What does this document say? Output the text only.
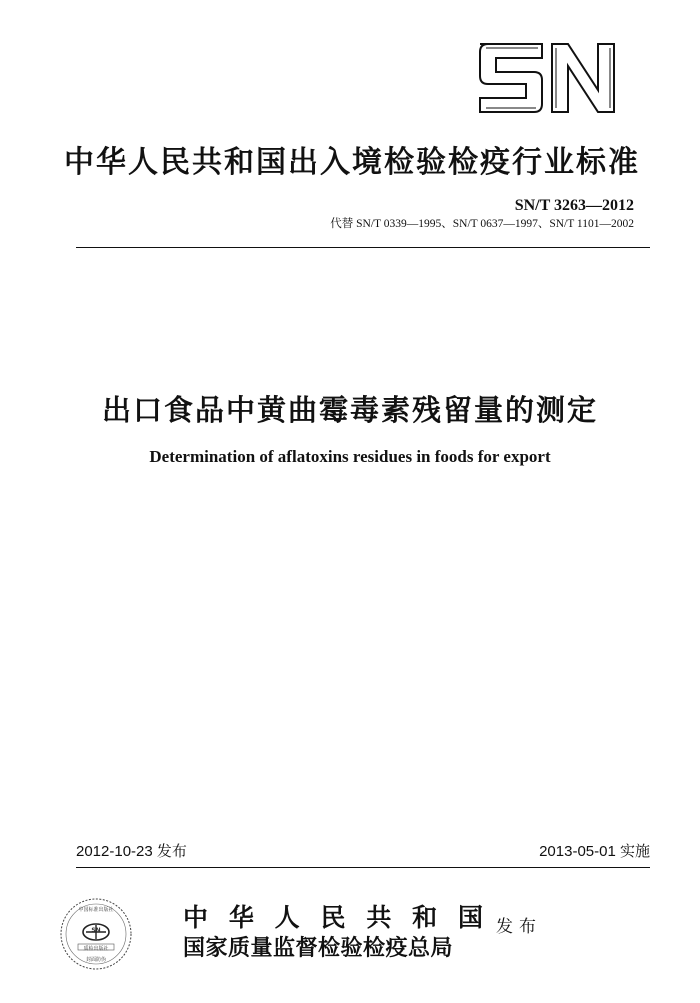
中华人民共和国出入境检验检疫行业标准
SN/T 3263—2012
代替 SN/T 0339—1995、SN/T 0637—1997、SN/T 1101—2002
出口食品中黄曲霉毒素残留量的测定
Determination of aflatoxins residues in foods for export
2012-10-23 发布	2013-05-01 实施
中国标准出版社
SN
质检出版社
封面防伪
中 华 人 民 共 和 国
国家质量监督检验检疫总局
发布
